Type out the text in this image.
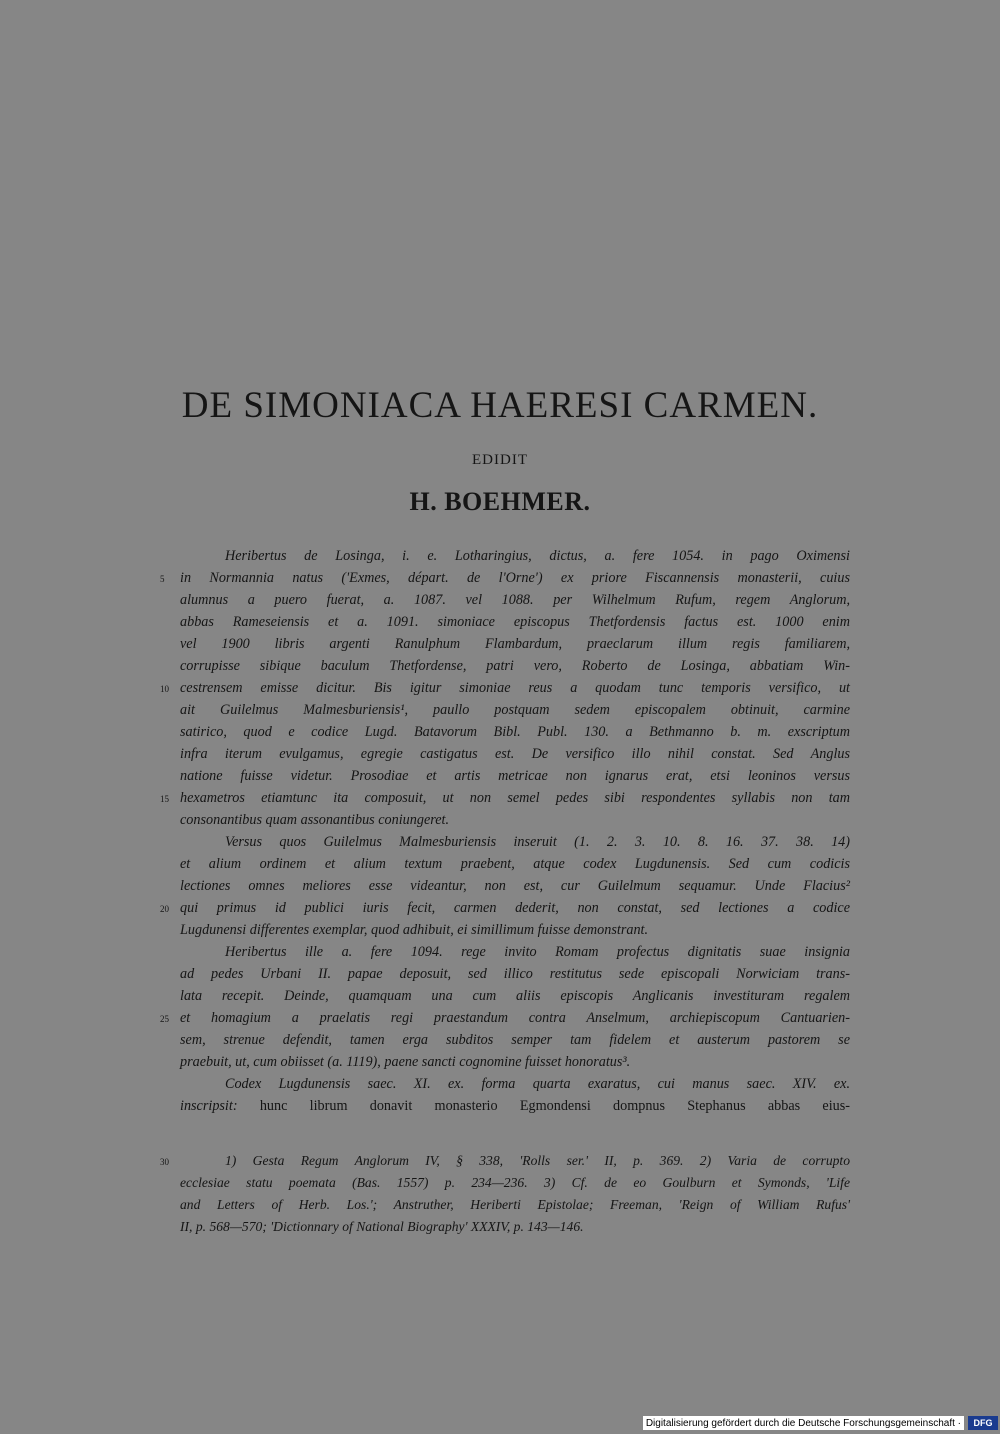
DE SIMONIACA HAERESI CARMEN.
EDIDIT
H. BOEHMER.
Heribertus de Losinga, i. e. Lotharingius, dictus, a. fere 1054. in pago Oximensi
5	in Normannia natus ('Exmes, départ. de l'Orne') ex priore Fiscannensis monasterii, cuius
alumnus a puero fuerat, a. 1087. vel 1088. per Wilhelmum Rufum, regem Anglorum,
abbas Rameseiensis et a. 1091. simoniace episcopus Thetfordensis factus est. 1000 enim
vel 1900 libris argenti Ranulphum Flambardum, praeclarum illum regis familiarem,
corrupisse sibique baculum Thetfordense, patri vero, Roberto de Losinga, abbatiam Win-
10 cestrensem emisse dicitur. Bis igitur simoniae reus a quodam tunc temporis versifico, ut
ait Guilelmus Malmesburiensis¹, paullo postquam sedem episcopalem obtinuit, carmine
satirico, quod e codice Lugd. Batavorum Bibl. Publ. 130. a Bethmanno b. m. exscriptum
infra iterum evulgamus, egregie castigatus est. De versifico illo nihil constat. Sed Anglus
natione fuisse videtur. Prosodiae et artis metricae non ignarus erat, etsi leoninos versus
15 hexametros etiamtunc ita composuit, ut non semel pedes sibi respondentes syllabis non tam
consonantibus quam assonantibus coniungeret.
Versus quos Guilelmus Malmesburiensis inseruit (1. 2. 3. 10. 8. 16. 37. 38. 14)
et alium ordinem et alium textum praebent, atque codex Lugdunensis. Sed cum codicis
lectiones omnes meliores esse videantur, non est, cur Guilelmum sequamur. Unde Flacius²
20 qui primus id publici iuris fecit, carmen dederit, non constat, sed lectiones a codice
Lugdunensi differentes exemplar, quod adhibuit, ei simillimum fuisse demonstrant.
Heribertus ille a. fere 1094. rege invito Romam profectus dignitatis suae insignia
ad pedes Urbani II. papae deposuit, sed illico restitutus sede episcopali Norwiciam trans-
lata recepit. Deinde, quamquam una cum aliis episcopis Anglicanis investituram regalem
25 et homagium a praelatis regi praestandum contra Anselmum, archiepiscopum Cantuarien-
sem, strenue defendit, tamen erga subditos semper tam fidelem et austerum pastorem se
praebuit, ut, cum obiisset (a. 1119), paene sancti cognomine fuisset honoratus³.
Codex Lugdunensis saec. XI. ex. forma quarta exaratus, cui manus saec. XIV. ex.
inscripsit: hunc librum donavit monasterio Egmondensi dompnus Stephanus abbas eius-
30	1) Gesta Regum Anglorum IV, § 338, 'Rolls ser.' II, p. 369. 2) Varia de corrupto
ecclesiae statu poemata (Bas. 1557) p. 234—236. 3) Cf. de eo Goulburn et Symonds, 'Life
and Letters of Herb. Los.'; Anstruther, Heriberti Epistolae; Freeman, 'Reign of William Rufus'
II, p. 568—570; 'Dictionnary of National Biography' XXXIV, p. 143—146.
Digitalisierung gefördert durch die Deutsche Forschungsgemeinschaft ·	DFG
